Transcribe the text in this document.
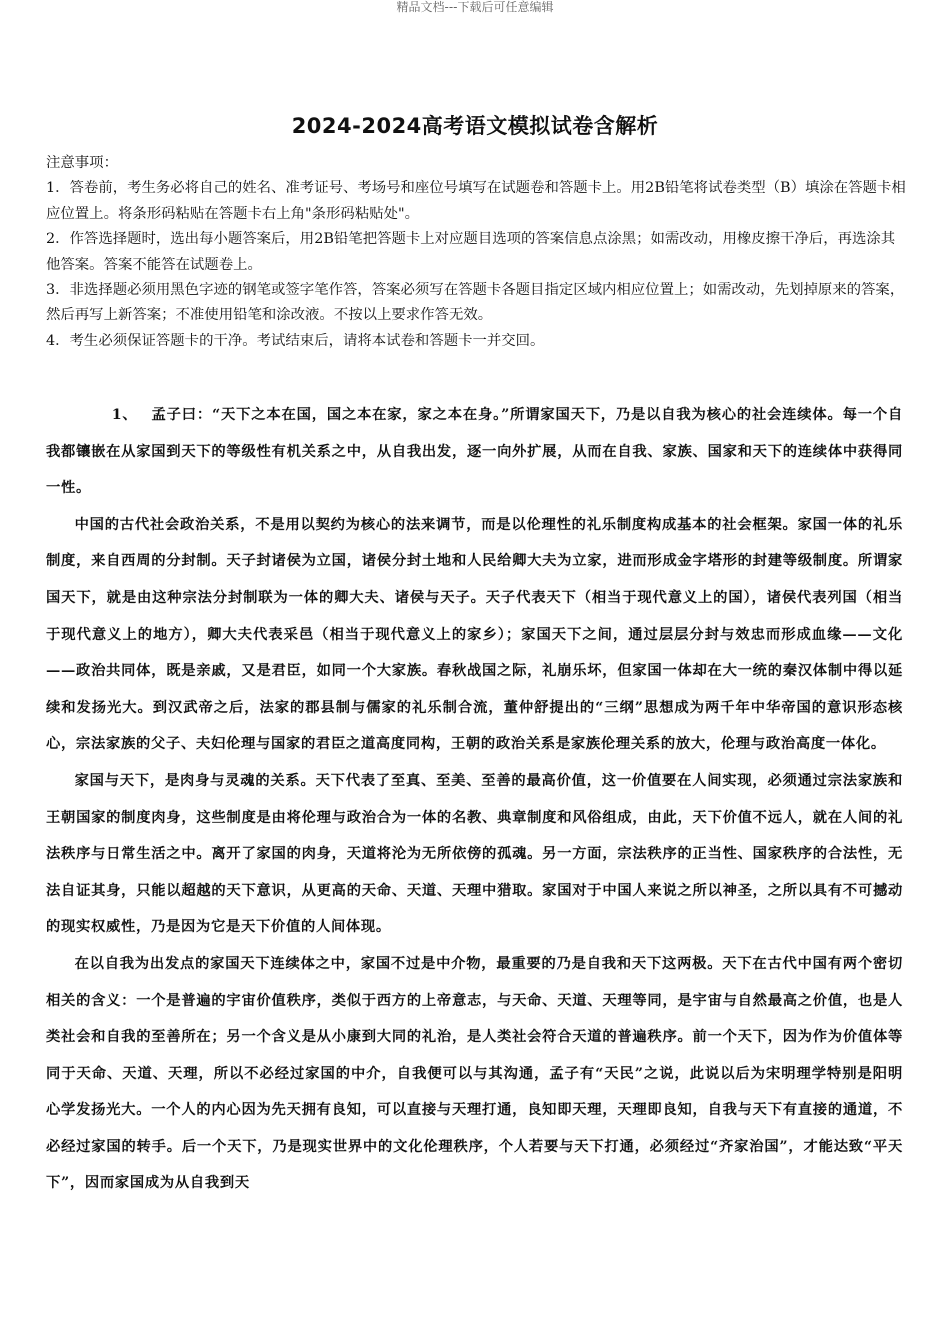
精品文档---下载后可任意编辑
2024-2024高考语文模拟试卷含解析

注意事项：

1．答卷前，考生务必将自己的姓名、准考证号、考场号和座位号填写在试题卷和答题卡上。用2B铅笔将试卷类型（B）填涂在答题卡相应位置上。将条形码粘贴在答题卡右上角"条形码粘贴处"。

2．作答选择题时，选出每小题答案后，用2B铅笔把答题卡上对应题目选项的答案信息点涂黑；如需改动，用橡皮擦干净后，再选涂其他答案。答案不能答在试题卷上。

3．非选择题必须用黑色字迹的钢笔或签字笔作答，答案必须写在答题卡各题目指定区域内相应位置上；如需改动，先划掉原来的答案，然后再写上新答案；不准使用铅笔和涂改液。不按以上要求作答无效。

4．考生必须保证答题卡的干净。考试结束后，请将本试卷和答题卡一并交回。

1、 孟子曰：“天下之本在国，国之本在家，家之本在身。”所谓家国天下，乃是以自我为核心的社会连续体。每一个自我都镶嵌在从家国到天下的等级性有机关系之中，从自我出发，逐一向外扩展，从而在自我、家族、国家和天下的连续体中获得同一性。

中国的古代社会政治关系，不是用以契约为核心的法来调节，而是以伦理性的礼乐制度构成基本的社会框架。家国一体的礼乐制度，来自西周的分封制。天子封诸侯为立国，诸侯分封土地和人民给卿大夫为立家，进而形成金字塔形的封建等级制度。所谓家国天下，就是由这种宗法分封制联为一体的卿大夫、诸侯与天子。天子代表天下（相当于现代意义上的国），诸侯代表列国（相当于现代意义上的地方），卿大夫代表采邑（相当于现代意义上的家乡）；家国天下之间，通过层层分封与效忠而形成血缘——文化——政治共同体，既是亲戚，又是君臣，如同一个大家族。春秋战国之际，礼崩乐坏，但家国一体却在大一统的秦汉体制中得以延续和发扬光大。到汉武帝之后，法家的郡县制与儒家的礼乐制合流，董仲舒提出的“三纲”思想成为两千年中华帝国的意识形态核心，宗法家族的父子、夫妇伦理与国家的君臣之道高度同构，王朝的政治关系是家族伦理关系的放大，伦理与政治高度一体化。

家国与天下，是肉身与灵魂的关系。天下代表了至真、至美、至善的最高价值，这一价值要在人间实现，必须通过宗法家族和王朝国家的制度肉身，这些制度是由将伦理与政治合为一体的名教、典章制度和风俗组成，由此，天下价值不远人，就在人间的礼法秩序与日常生活之中。离开了家国的肉身，天道将沦为无所依傍的孤魂。另一方面，宗法秩序的正当性、国家秩序的合法性，无法自证其身，只能以超越的天下意识，从更高的天命、天道、天理中猎取。家国对于中国人来说之所以神圣，之所以具有不可撼动的现实权威性，乃是因为它是天下价值的人间体现。

在以自我为出发点的家国天下连续体之中，家国不过是中介物，最重要的乃是自我和天下这两极。天下在古代中国有两个密切相关的含义：一个是普遍的宇宙价值秩序，类似于西方的上帝意志，与天命、天道、天理等同，是宇宙与自然最高之价值，也是人类社会和自我的至善所在；另一个含义是从小康到大同的礼治，是人类社会符合天道的普遍秩序。前一个天下，因为作为价值体等同于天命、天道、天理，所以不必经过家国的中介，自我便可以与其沟通，孟子有“天民”之说，此说以后为宋明理学特别是阳明心学发扬光大。一个人的内心因为先天拥有良知，可以直接与天理打通，良知即天理，天理即良知，自我与天下有直接的通道，不必经过家国的转手。后一个天下，乃是现实世界中的文化伦理秩序，个人若要与天下打通，必须经过“齐家治国”，才能达致“平天下”，因而家国成为从自我到天
